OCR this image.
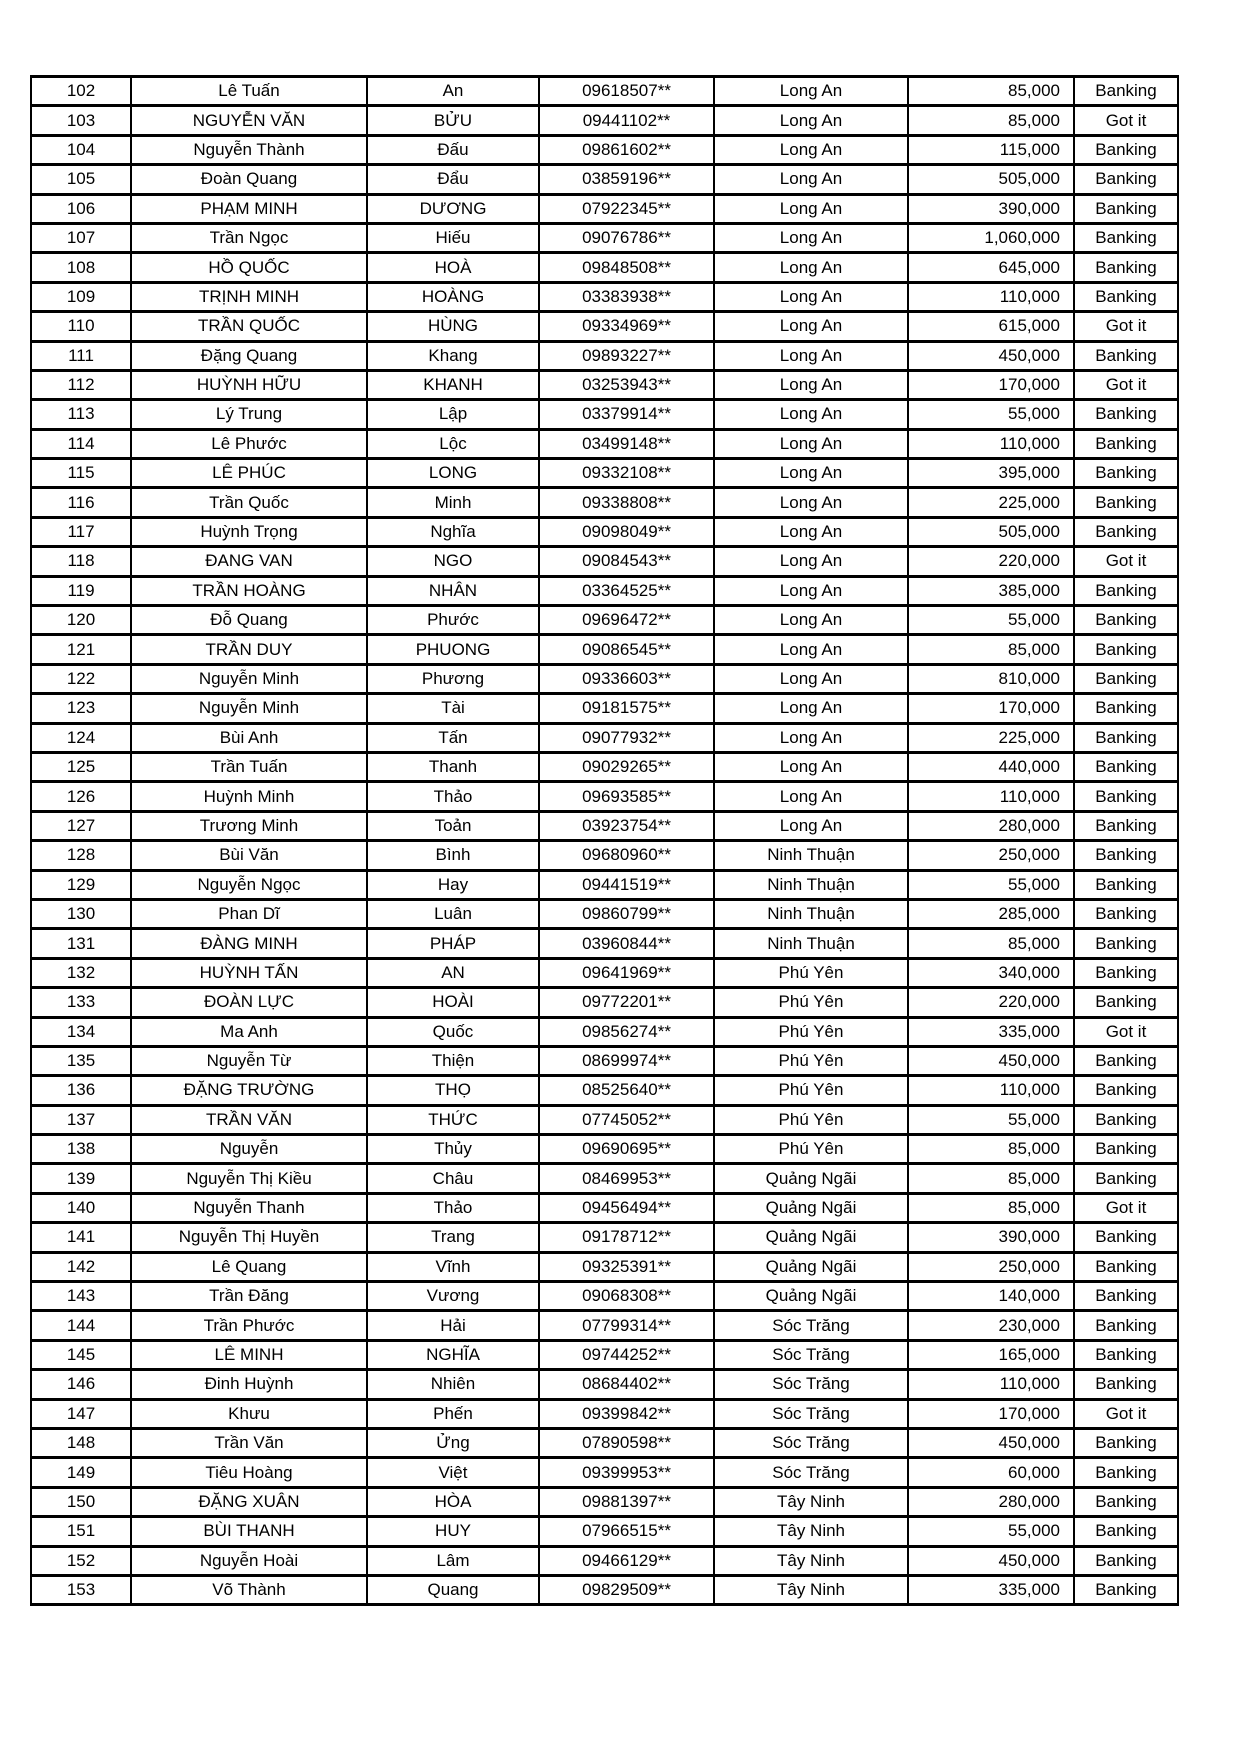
102	Lê Tuấn	An	09618507**	Long An	85,000	Banking
103	NGUYỄN VĂN	BỬU	09441102**	Long An	85,000	Got it
104	Nguyễn Thành	Đấu	09861602**	Long An	115,000	Banking
105	Đoàn Quang	Đẩu	03859196**	Long An	505,000	Banking
106	PHẠM MINH	DƯƠNG	07922345**	Long An	390,000	Banking
107	Trần Ngọc	Hiếu	09076786**	Long An	1,060,000	Banking
108	HỒ QUỐC	HOÀ	09848508**	Long An	645,000	Banking
109	TRỊNH MINH	HOÀNG	03383938**	Long An	110,000	Banking
110	TRẦN QUỐC	HÙNG	09334969**	Long An	615,000	Got it
111	Đặng Quang	Khang	09893227**	Long An	450,000	Banking
112	HUỲNH HỮU	KHANH	03253943**	Long An	170,000	Got it
113	Lý Trung	Lập	03379914**	Long An	55,000	Banking
114	Lê Phước	Lộc	03499148**	Long An	110,000	Banking
115	LÊ PHÚC	LONG	09332108**	Long An	395,000	Banking
116	Trần Quốc	Minh	09338808**	Long An	225,000	Banking
117	Huỳnh Trọng	Nghĩa	09098049**	Long An	505,000	Banking
118	ĐANG VAN	NGO	09084543**	Long An	220,000	Got it
119	TRẦN HOÀNG	NHÂN	03364525**	Long An	385,000	Banking
120	Đỗ Quang	Phước	09696472**	Long An	55,000	Banking
121	TRẦN DUY	PHUONG	09086545**	Long An	85,000	Banking
122	Nguyễn Minh	Phương	09336603**	Long An	810,000	Banking
123	Nguyễn Minh	Tài	09181575**	Long An	170,000	Banking
124	Bùi Anh	Tấn	09077932**	Long An	225,000	Banking
125	Trần Tuấn	Thanh	09029265**	Long An	440,000	Banking
126	Huỳnh Minh	Thảo	09693585**	Long An	110,000	Banking
127	Trương Minh	Toản	03923754**	Long An	280,000	Banking
128	Bùi Văn	Bình	09680960**	Ninh Thuận	250,000	Banking
129	Nguyễn Ngọc	Hay	09441519**	Ninh Thuận	55,000	Banking
130	Phan Dĩ	Luân	09860799**	Ninh Thuận	285,000	Banking
131	ĐÀNG MINH	PHÁP	03960844**	Ninh Thuận	85,000	Banking
132	HUỲNH TẤN	AN	09641969**	Phú Yên	340,000	Banking
133	ĐOÀN LỰC	HOÀI	09772201**	Phú Yên	220,000	Banking
134	Ma Anh	Quốc	09856274**	Phú Yên	335,000	Got it
135	Nguyễn Từ	Thiện	08699974**	Phú Yên	450,000	Banking
136	ĐẶNG TRƯỜNG	THỌ	08525640**	Phú Yên	110,000	Banking
137	TRẦN VĂN	THỨC	07745052**	Phú Yên	55,000	Banking
138	Nguyễn	Thủy	09690695**	Phú Yên	85,000	Banking
139	Nguyễn Thị Kiều	Châu	08469953**	Quảng Ngãi	85,000	Banking
140	Nguyễn Thanh	Thảo	09456494**	Quảng Ngãi	85,000	Got it
141	Nguyễn Thị Huyền	Trang	09178712**	Quảng Ngãi	390,000	Banking
142	Lê Quang	Vĩnh	09325391**	Quảng Ngãi	250,000	Banking
143	Trần Đăng	Vương	09068308**	Quảng Ngãi	140,000	Banking
144	Trần Phước	Hải	07799314**	Sóc Trăng	230,000	Banking
145	LÊ MINH	NGHĨA	09744252**	Sóc Trăng	165,000	Banking
146	Đinh Huỳnh	Nhiên	08684402**	Sóc Trăng	110,000	Banking
147	Khưu	Phến	09399842**	Sóc Trăng	170,000	Got it
148	Trần Văn	Ửng	07890598**	Sóc Trăng	450,000	Banking
149	Tiêu Hoàng	Việt	09399953**	Sóc Trăng	60,000	Banking
150	ĐẶNG XUÂN	HÒA	09881397**	Tây Ninh	280,000	Banking
151	BÙI THANH	HUY	07966515**	Tây Ninh	55,000	Banking
152	Nguyễn Hoài	Lâm	09466129**	Tây Ninh	450,000	Banking
153	Võ Thành	Quang	09829509**	Tây Ninh	335,000	Banking
